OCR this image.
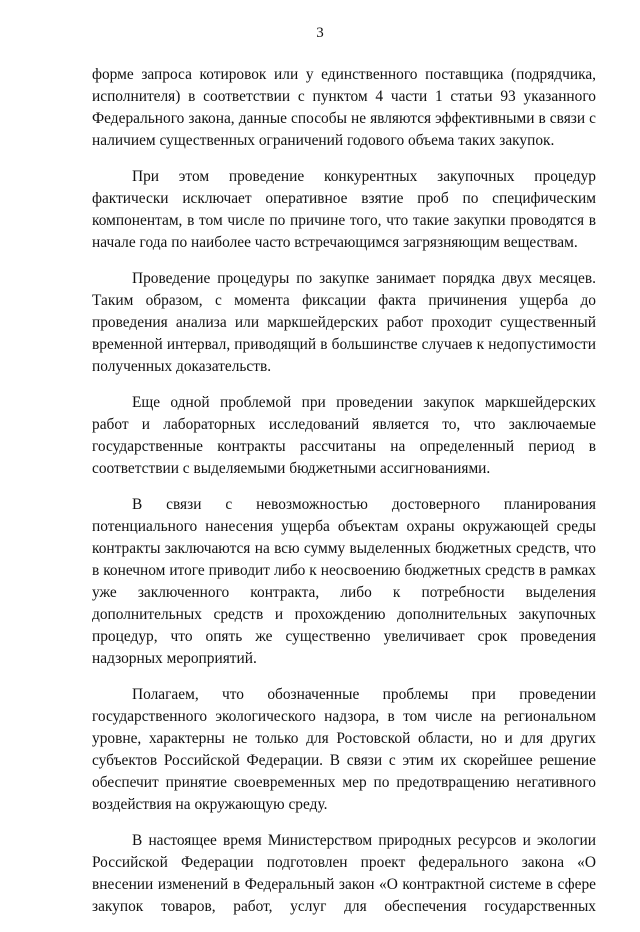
3

форме запроса котировок или у единственного поставщика (подрядчика, исполнителя) в соответствии с пунктом 4 части 1 статьи 93 указанного Федерального закона, данные способы не являются эффективными в связи с наличием существенных ограничений годового объема таких закупок.

При этом проведение конкурентных закупочных процедур фактически исключает оперативное взятие проб по специфическим компонентам, в том числе по причине того, что такие закупки проводятся в начале года по наиболее часто встречающимся загрязняющим веществам.

Проведение процедуры по закупке занимает порядка двух месяцев. Таким образом, с момента фиксации факта причинения ущерба до проведения анализа или маркшейдерских работ проходит существенный временной интервал, приводящий в большинстве случаев к недопустимости полученных доказательств.

Еще одной проблемой при проведении закупок маркшейдерских работ и лабораторных исследований является то, что заключаемые государственные контракты рассчитаны на определенный период в соответствии с выделяемыми бюджетными ассигнованиями.

В связи с невозможностью достоверного планирования потенциального нанесения ущерба объектам охраны окружающей среды контракты заключаются на всю сумму выделенных бюджетных средств, что в конечном итоге приводит либо к неосвоению бюджетных средств в рамках уже заключенного контракта, либо к потребности выделения дополнительных средств и прохождению дополнительных закупочных процедур, что опять же существенно увеличивает срок проведения надзорных мероприятий.

Полагаем, что обозначенные проблемы при проведении государственного экологического надзора, в том числе на региональном уровне, характерны не только для Ростовской области, но и для других субъектов Российской Федерации. В связи с этим их скорейшее решение обеспечит принятие своевременных мер по предотвращению негативного воздействия на окружающую среду.

В настоящее время Министерством природных ресурсов и экологии Российской Федерации подготовлен проект федерального закона «О внесении изменений в Федеральный закон «О контрактной системе в сфере закупок товаров, работ, услуг для обеспечения государственных
